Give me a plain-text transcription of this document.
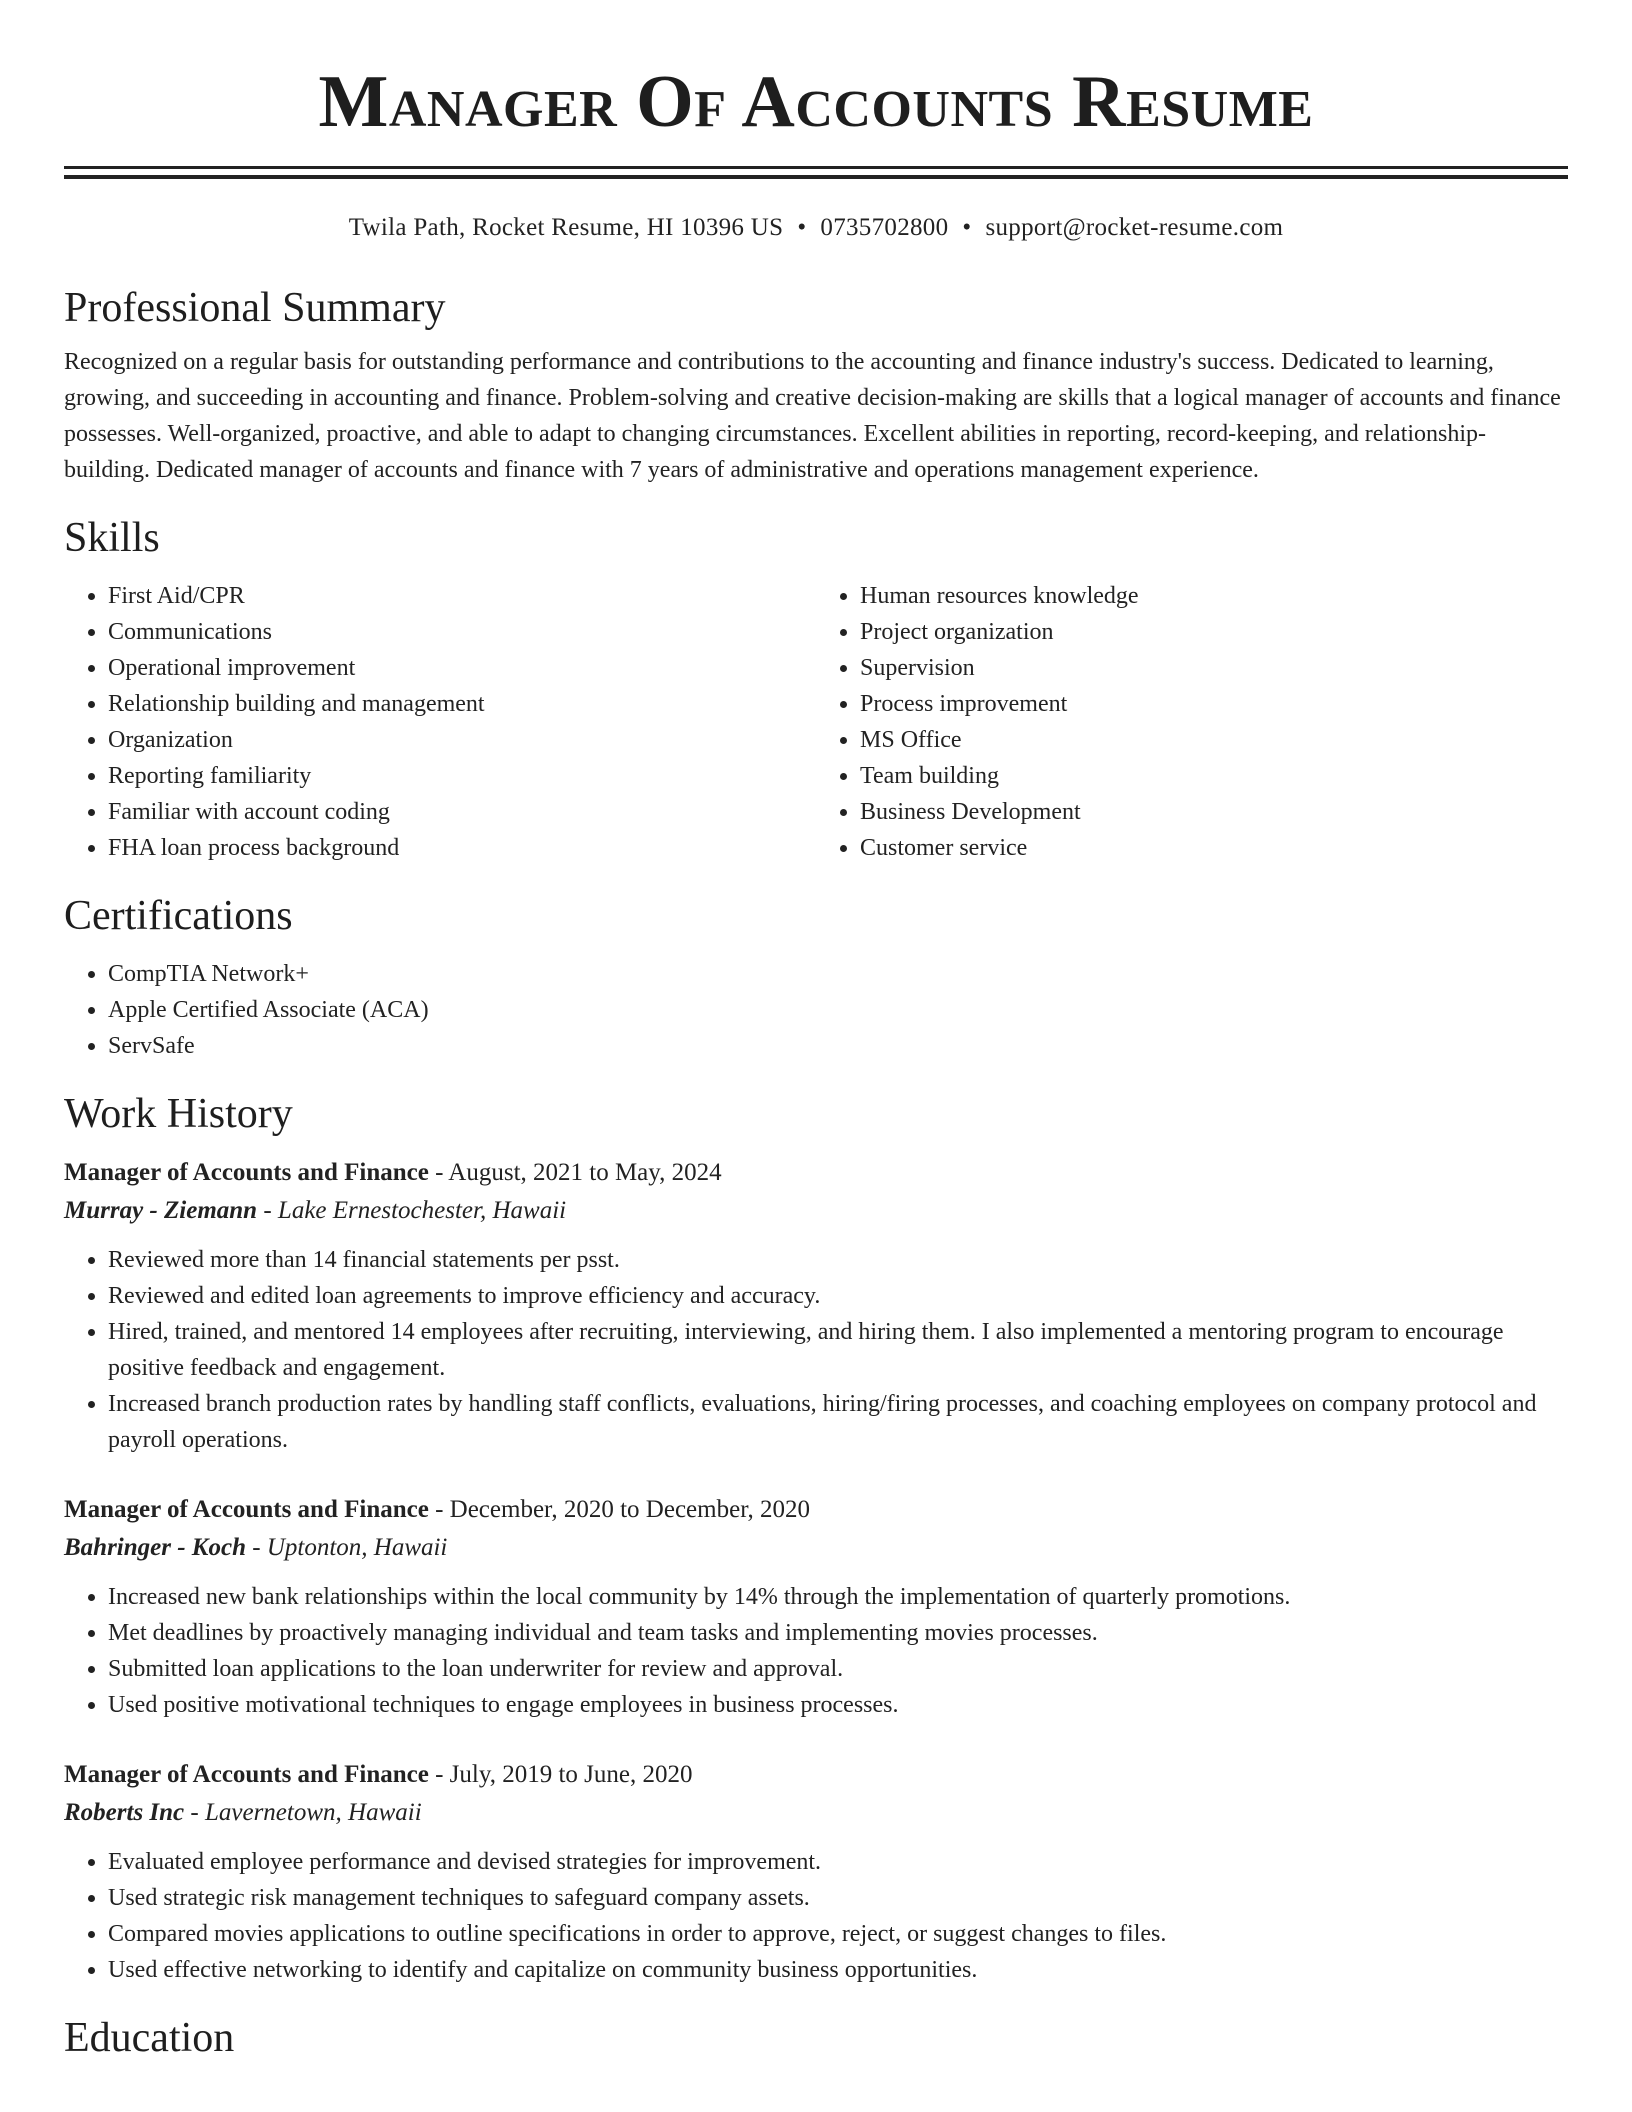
Manager Of Accounts Resume
Twila Path, Rocket Resume, HI 10396 US • 0735702800 • support@rocket-resume.com
Professional Summary

Recognized on a regular basis for outstanding performance and contributions to the accounting and finance industry's success. Dedicated to learning, growing, and succeeding in accounting and finance. Problem-solving and creative decision-making are skills that a logical manager of accounts and finance possesses. Well-organized, proactive, and able to adapt to changing circumstances. Excellent abilities in reporting, record-keeping, and relationship-building. Dedicated manager of accounts and finance with 7 years of administrative and operations management experience.

Skills
• First Aid/CPR
• Communications
• Operational improvement
• Relationship building and management
• Organization
• Reporting familiarity
• Familiar with account coding
• FHA loan process background
• Human resources knowledge
• Project organization
• Supervision
• Process improvement
• MS Office
• Team building
• Business Development
• Customer service
Certifications
• CompTIA Network+
• Apple Certified Associate (ACA)
• ServSafe
Work History
Manager of Accounts and Finance - August, 2021 to May, 2024
Murray - Ziemann - Lake Ernestochester, Hawaii
• Reviewed more than 14 financial statements per psst.
• Reviewed and edited loan agreements to improve efficiency and accuracy.
• Hired, trained, and mentored 14 employees after recruiting, interviewing, and hiring them. I also implemented a mentoring program to encourage positive feedback and engagement.
• Increased branch production rates by handling staff conflicts, evaluations, hiring/firing processes, and coaching employees on company protocol and payroll operations.
Manager of Accounts and Finance - December, 2020 to December, 2020
Bahringer - Koch - Uptonton, Hawaii
• Increased new bank relationships within the local community by 14% through the implementation of quarterly promotions.
• Met deadlines by proactively managing individual and team tasks and implementing movies processes.
• Submitted loan applications to the loan underwriter for review and approval.
• Used positive motivational techniques to engage employees in business processes.
Manager of Accounts and Finance - July, 2019 to June, 2020
Roberts Inc - Lavernetown, Hawaii
• Evaluated employee performance and devised strategies for improvement.
• Used strategic risk management techniques to safeguard company assets.
• Compared movies applications to outline specifications in order to approve, reject, or suggest changes to files.
• Used effective networking to identify and capitalize on community business opportunities.
Education
